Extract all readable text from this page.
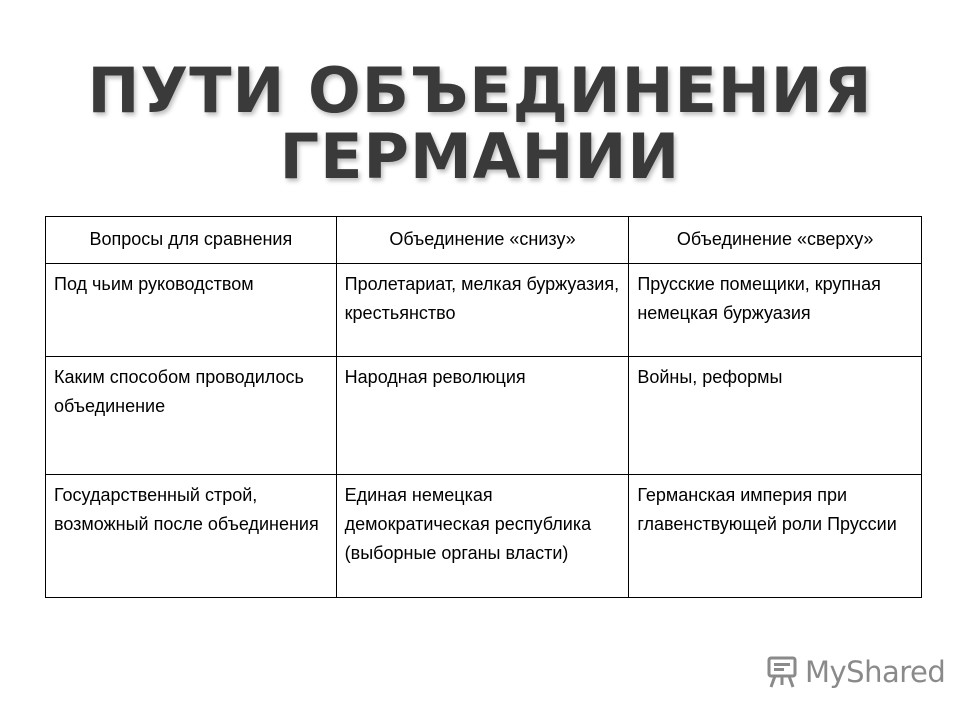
ПУТИ ОБЪЕДИНЕНИЯ
ГЕРМАНИИ
Вопросы для сравнения	Объединение «снизу»	Объединение «сверху»
Под чьим руководством	Пролетариат, мелкая буржуазия, крестьянство	Прусские помещики, крупная немецкая буржуазия
Каким способом проводилось объединение	Народная революция	Войны, реформы
Государственный строй, возможный после объединения	Единая немецкая демократическая республика (выборные органы власти)	Германская империя при главенствующей роли Пруссии
MyShared
